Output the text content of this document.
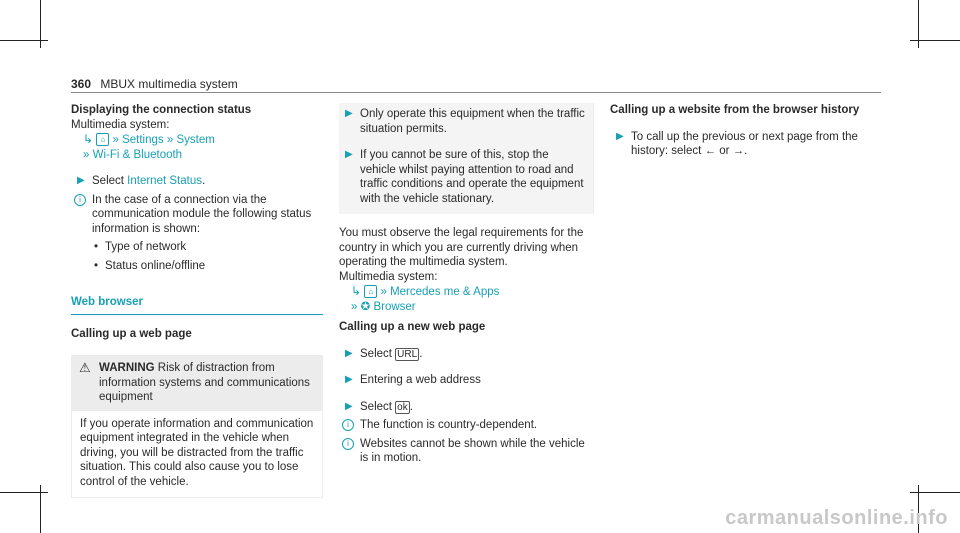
360 MBUX multimedia system
Displaying the connection status
Multimedia system:
↳ ⌂ » Settings » System
» Wi-Fi & Bluetooth
▶ Select Internet Status.
i In the case of a connection via the communication module the following status information is shown:
• Type of network
• Status online/offline
Web browser
Calling up a web page
⚠ WARNING Risk of distraction from information systems and communications equipment
If you operate information and communication equipment integrated in the vehicle when driving, you will be distracted from the traffic situation. This could also cause you to lose control of the vehicle.
▶ Only operate this equipment when the traffic situation permits.
▶ If you cannot be sure of this, stop the vehicle whilst paying attention to road and traffic conditions and operate the equipment with the vehicle stationary.
You must observe the legal requirements for the country in which you are currently driving when operating the multimedia system.
Multimedia system:
↳ ⌂ » Mercedes me & Apps
» ✪ Browser
Calling up a new web page
▶ Select URL .
▶ Entering a web address
▶ Select ok .
i The function is country-dependent.
i Websites cannot be shown while the vehicle is in motion.
Calling up a website from the browser history
▶ To call up the previous or next page from the history: select ← or →.
carmanualsonline.info
